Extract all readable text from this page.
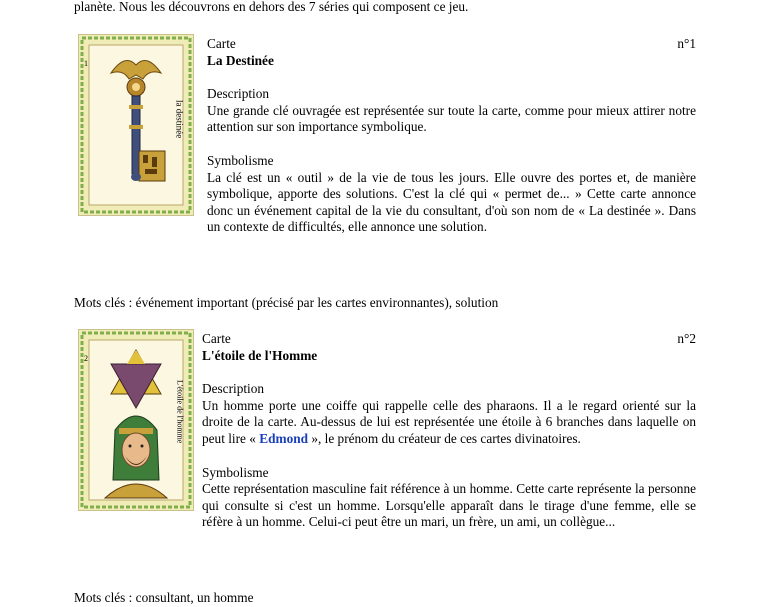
planète. Nous les découvrons en dehors des 7 séries qui composent ce jeu.
1
la destinée

Carte	n°1

La Destinée

Description

Une grande clé ouvragée est représentée sur toute la carte, comme pour mieux attirer notre attention sur son importance symbolique.

Symbolisme

La clé est un « outil » de la vie de tous les jours. Elle ouvre des portes et, de manière symbolique, apporte des solutions. C'est la clé qui « permet de... » Cette carte annonce donc un événement capital de la vie du consultant, d'où son nom de « La destinée ». Dans un contexte de difficultés, elle annonce une solution.

Mots clés : événement important (précisé par les cartes environnantes), solution
2
L'étoile de l'homme

Carte	n°2

L'étoile de l'Homme

Description

Un homme porte une coiffe qui rappelle celle des pharaons. Il a le regard orienté sur la droite de la carte. Au-dessus de lui est représentée une étoile à 6 branches dans laquelle on peut lire « Edmond », le prénom du créateur de ces cartes divinatoires.

Symbolisme

Cette représentation masculine fait référence à un homme. Cette carte représente la personne qui consulte si c'est un homme. Lorsqu'elle apparaît dans le tirage d'une femme, elle se réfère à un homme. Celui-ci peut être un mari, un frère, un ami, un collègue...

Mots clés : consultant, un homme
